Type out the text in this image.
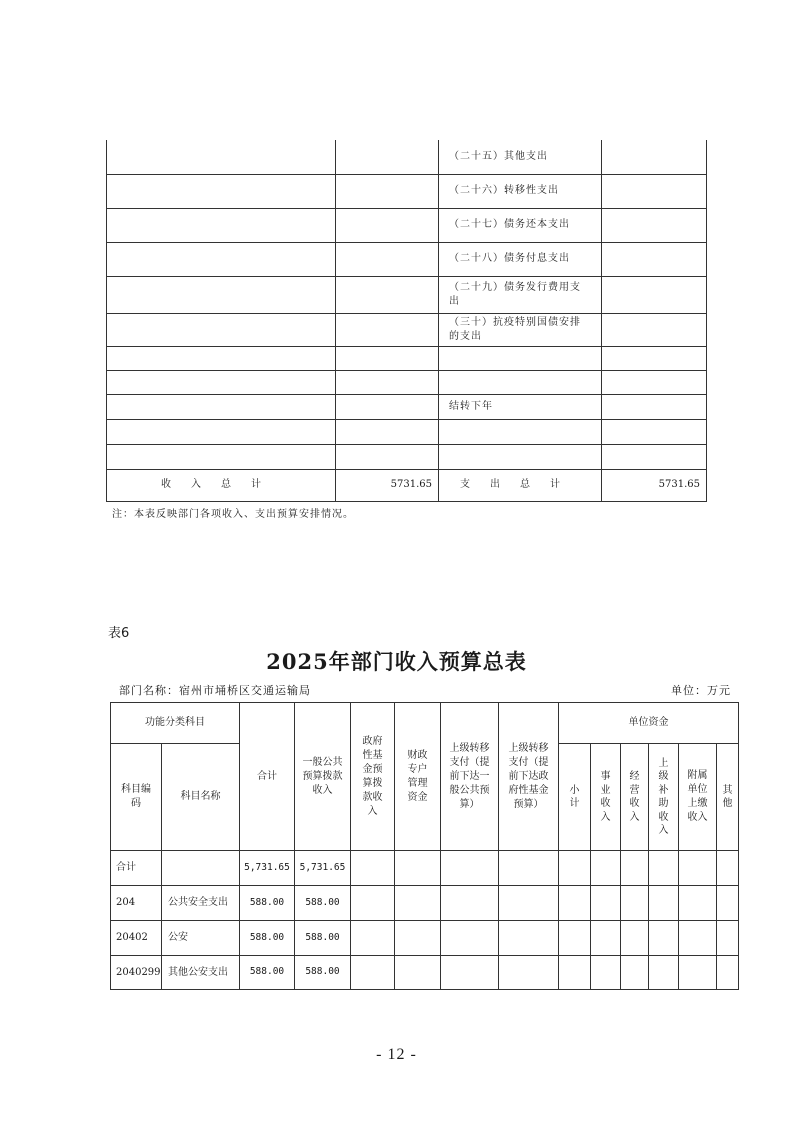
		（二十五）其他支出	
		（二十六）转移性支出	
		（二十七）债务还本支出	
		（二十八）债务付息支出	
		（二十九）债务发行费用支出	
		（三十）抗疫特别国债安排的支出	

		结转下年	

收入总计	5731.65	支出总计	5731.65
注：本表反映部门各项收入、支出预算安排情况。
表6
2025年部门收入预算总表
部门名称：宿州市埇桥区交通运输局	单位：万元
功能分类科目		合计	一般公共预算拨款收入	政府性基金预算拨款收入	财政专户管理资金	上级转移支付（提前下达一般公共预算）	上级转移支付（提前下达政府性基金预算）	单位资金					
科目编码	科目名称							小计	事业收入	经营收入	上级补助收入	附属单位上缴收入	其他
合计		5,731.65	5,731.65										
204	公共安全支出	588.00	588.00										
20402	公安	588.00	588.00										
2040299	其他公安支出	588.00	588.00										
- 12 -
